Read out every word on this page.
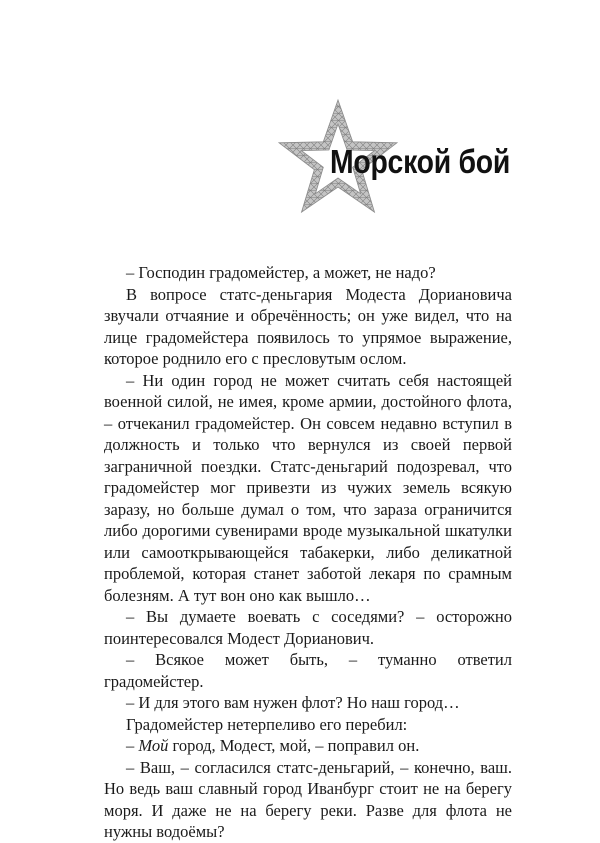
Морской бой

– Господин градомейстер, а может, не надо?

В вопросе статс-деньгария Модеста Дориановича звучали отчаяние и обречённость; он уже видел, что на лице градомейстера появилось то упрямое выражение, которое роднило его с пресловутым ослом.

– Ни один город не может считать себя настоящей военной силой, не имея, кроме армии, достойного флота, – отчеканил градомейстер. Он совсем недавно вступил в должность и только что вернулся из своей первой заграничной поездки. Статс-деньгарий подозревал, что градомейстер мог привезти из чужих земель всякую заразу, но больше думал о том, что зараза ограничится либо дорогими сувенирами вроде музыкальной шкатулки или самооткрывающейся табакерки, либо деликатной проблемой, которая станет заботой лекаря по срамным болезням. А тут вон оно как вышло…

– Вы думаете воевать с соседями? – осторожно поинтересовался Модест Дорианович.

– Всякое может быть, – туманно ответил градомейстер.

– И для этого вам нужен флот? Но наш город…

Градомейстер нетерпеливо его перебил:

– Мой город, Модест, мой, – поправил он.

– Ваш, – согласился статс-деньгарий, – конечно, ваш. Но ведь ваш славный город Иванбург стоит не на берегу моря. И даже не на берегу реки. Разве для флота не нужны водоёмы?
